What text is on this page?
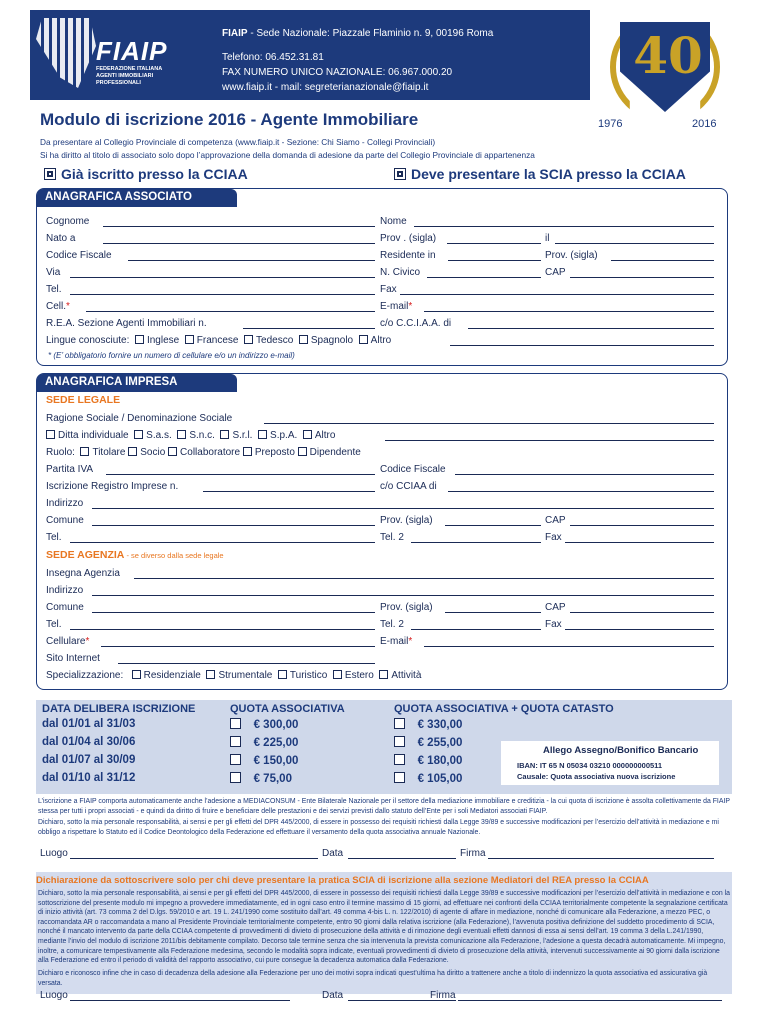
FIAIP
FEDERAZIONE ITALIANA
AGENTI IMMOBILIARI
PROFESSIONALI
FIAIP - Sede Nazionale: Piazzale Flaminio n. 9, 00196 Roma
Telefono: 06.452.31.81
FAX NUMERO UNICO NAZIONALE: 06.967.000.20
www.fiaip.it - mail: segreterianazionale@fiaip.it
40
1976	2016
Modulo di iscrizione 2016 - Agente Immobiliare
Da presentare al Collegio Provinciale di competenza (www.fiaip.it - Sezione: Chi Siamo - Collegi Provinciali)
Si ha diritto al titolo di associato solo dopo l’approvazione della domanda di adesione da parte del Collegio Provinciale di appartenenza
Già iscritto presso la CCIAA	Deve presentare la SCIA presso la CCIAA
ANAGRAFICA ASSOCIATO
Cognome	Nome
Nato a	Prov . (sigla)	il
Codice Fiscale	Residente in	Prov. (sigla)
Via	N. Civico	CAP
Tel.	Fax
Cell.*	E-mail*
R.E.A. Sezione Agenti Immobiliari n.	c/o C.C.I.A.A. di
Lingue conosciute: Inglese Francese Tedesco Spagnolo Altro
* (E’ obbligatorio fornire un numero di cellulare e/o un indirizzo e-mail)
ANAGRAFICA IMPRESA
SEDE LEGALE
Ragione Sociale / Denominazione Sociale
Ditta individuale S.a.s. S.n.c. S.r.l. S.p.A. Altro
Ruolo: Titolare Socio Collaboratore Preposto Dipendente
Partita IVA	Codice Fiscale
Iscrizione Registro Imprese n.	c/o CCIAA di
Indirizzo
Comune	Prov. (sigla)	CAP
Tel.	Tel. 2	Fax
SEDE AGENZIA - se diverso dalla sede legale
Insegna Agenzia
Indirizzo
Comune	Prov. (sigla)	CAP
Tel.	Tel. 2	Fax
Cellulare*	E-mail*
Sito Internet
Specializzazione: Residenziale Strumentale Turistico Estero Attività
DATA DELIBERA ISCRIZIONE	QUOTA ASSOCIATIVA	QUOTA ASSOCIATIVA + QUOTA CATASTO
dal 01/01 al 31/03	€ 300,00	€ 330,00
dal 01/04 al 30/06	€ 225,00	€ 255,00
dal 01/07 al 30/09	€ 150,00	€ 180,00
dal 01/10 al 31/12	€ 75,00	€ 105,00
Allego Assegno/Bonifico Bancario
IBAN: IT 65 N 05034 03210 000000000511
Causale: Quota associativa nuova iscrizione
L’iscrizione a FIAIP comporta automaticamente anche l’adesione a MEDIACONSUM - Ente Bilaterale Nazionale per il settore della mediazione immobiliare e creditizia - la cui quota di iscrizione è assolta collettivamente da FIAIP stessa per tutti i propri associati - e quindi da diritto di fruire e beneficiare delle prestazioni e dei servizi previsti dallo statuto dell’Ente per i soli Mediatori associati FIAIP.
Dichiaro, sotto la mia personale responsabilità, ai sensi e per gli effetti del DPR 445/2000, di essere in possesso dei requisiti richiesti dalla Legge 39/89 e successive modificazioni per l’esercizio dell’attività in mediazione e mi obbligo a rispettare lo Statuto ed il Codice Deontologico della Federazione ed effettuare il versamento della quota associativa annuale Nazionale.
Luogo	Data	Firma
Dichiarazione da sottoscrivere solo per chi deve presentare la pratica SCIA di iscrizione alla sezione Mediatori del REA presso la CCIAA
Dichiaro, sotto la mia personale responsabilità, ai sensi e per gli effetti del DPR 445/2000, di essere in possesso dei requisiti richiesti dalla Legge 39/89 e successive modificazioni per l’esercizio dell’attività in mediazione e con la sottoscrizione del presente modulo mi impegno a provvedere immediatamente, ed in ogni caso entro il termine massimo di 15 giorni, ad effettuare nei confronti della CCIAA territorialmente competente la segnalazione certificata di inizio attività (art. 73 comma 2 del D.lgs. 59/2010 e art. 19 L. 241/1990 come sostituito dall’art. 49 comma 4-bis L. n. 122/2010) di agente di affare in mediazione, nonché di comunicare alla Federazione, a mezzo PEC, o raccomandata AR o raccomandata a mano al Presidente Provinciale territorialmente competente, entro 90 giorni dalla relativa iscrizione (alla Federazione), l’avvenuta positiva definizione del suddetto procedimento di SCIA, nonché il mancato intervento da parte della CCIAA competente di provvedimenti di divieto di prosecuzione della attività e di rimozione degli eventuali effetti dannosi di essa ai sensi dell’art. 19 comma 3 della L.241/1990, mediante l’invio del modulo di iscrizione 2011/bis debitamente compilato. Decorso tale termine senza che sia intervenuta la prevista comunicazione alla Federazione, l’adesione a questa decadrà automaticamente. Mi impegno, inoltre, a comunicare tempestivamente alla Federazione medesima, secondo le modalità sopra indicate, eventuali provvedimenti di divieto di prosecuzione della attività, intervenuti successivamente ai 90 giorni dalla iscrizione alla Federazione ed entro il periodo di validità del rapporto associativo, cui pure consegue la decadenza automatica dalla Federazione.
Dichiaro e riconosco infine che in caso di decadenza della adesione alla Federazione per uno dei motivi sopra indicati quest’ultima ha diritto a trattenere anche a titolo di indennizzo la quota associativa ed assicurativa già versata.
Luogo	Data	Firma
